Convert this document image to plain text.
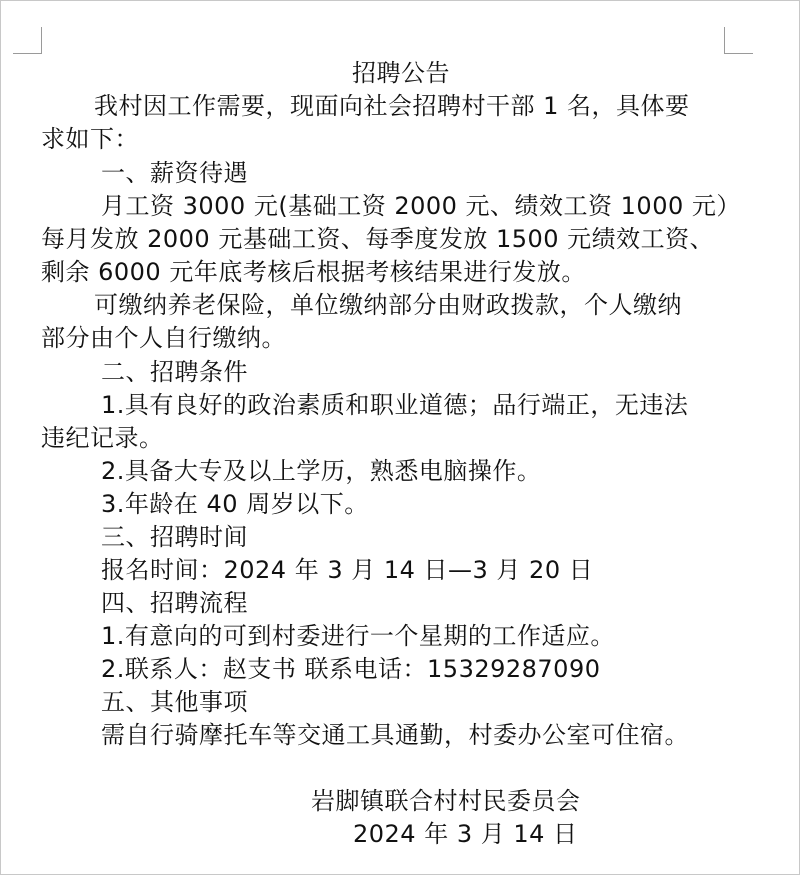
招聘公告
我村因工作需要，现面向社会招聘村干部 1 名，具体要
求如下：
一、薪资待遇
月工资 3000 元(基础工资 2000 元、绩效工资 1000 元）
每月发放 2000 元基础工资、每季度发放 1500 元绩效工资、
剩余 6000 元年底考核后根据考核结果进行发放。
可缴纳养老保险，单位缴纳部分由财政拨款，个人缴纳
部分由个人自行缴纳。
二、招聘条件
1.具有良好的政治素质和职业道德；品行端正，无违法
违纪记录。
2.具备大专及以上学历，熟悉电脑操作。
3.年龄在 40 周岁以下。
三、招聘时间
报名时间：2024 年 3 月 14 日—3 月 20 日
四、招聘流程
1.有意向的可到村委进行一个星期的工作适应。
2.联系人：赵支书 联系电话：15329287090
五、其他事项
需自行骑摩托车等交通工具通勤，村委办公室可住宿。
岩脚镇联合村村民委员会
2024 年 3 月 14 日
